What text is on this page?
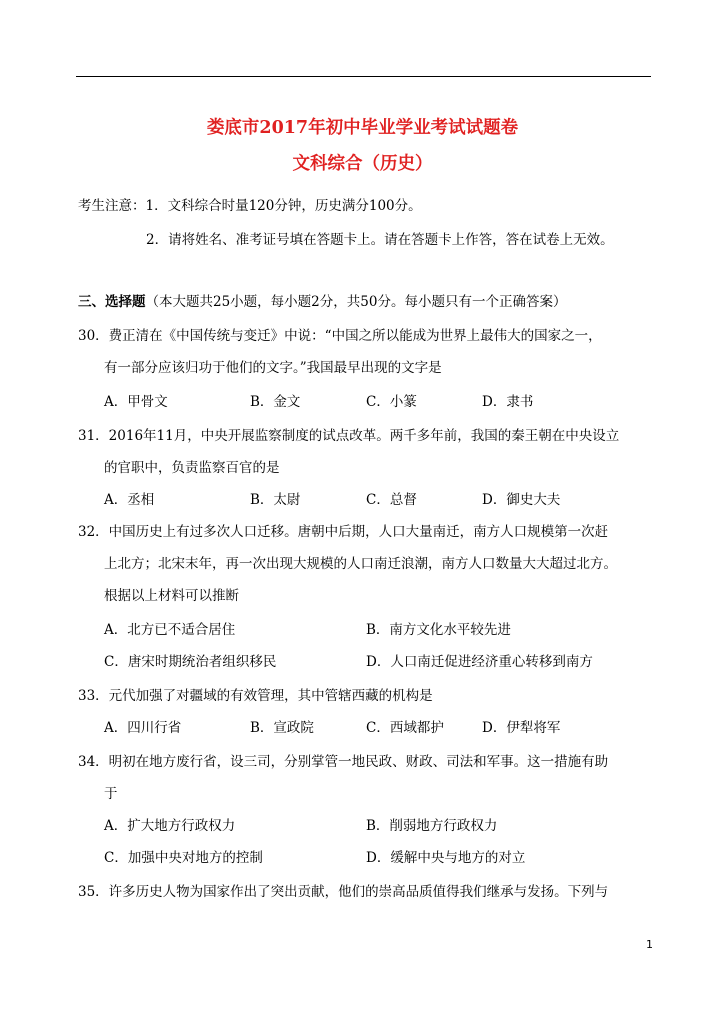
娄底市2017年初中毕业学业考试试题卷
文科综合（历史）
考生注意：1．文科综合时量120分钟，历史满分100分。
2．请将姓名、准考证号填在答题卡上。请在答题卡上作答，答在试卷上无效。
三、选择题（本大题共25小题，每小题2分，共50分。每小题只有一个正确答案）
30．费正清在《中国传统与变迁》中说：“中国之所以能成为世界上最伟大的国家之一，
有一部分应该归功于他们的文字。”我国最早出现的文字是
A．甲骨文	B．金文	C．小篆	D．隶书
31．2016年11月，中央开展监察制度的试点改革。两千多年前，我国的秦王朝在中央设立
的官职中，负责监察百官的是
A．丞相	B．太尉	C．总督	D．御史大夫
32．中国历史上有过多次人口迁移。唐朝中后期，人口大量南迁，南方人口规模第一次赶
上北方；北宋末年，再一次出现大规模的人口南迁浪潮，南方人口数量大大超过北方。
根据以上材料可以推断
A．北方已不适合居住	B．南方文化水平较先进
C．唐宋时期统治者组织移民	D．人口南迁促进经济重心转移到南方
33．元代加强了对疆域的有效管理，其中管辖西藏的机构是
A．四川行省	B．宣政院	C．西域都护	D．伊犁将军
34．明初在地方废行省，设三司，分别掌管一地民政、财政、司法和军事。这一措施有助
于
A．扩大地方行政权力	B．削弱地方行政权力
C．加强中央对地方的控制	D．缓解中央与地方的对立
35．许多历史人物为国家作出了突出贡献，他们的崇高品质值得我们继承与发扬。下列与
1
